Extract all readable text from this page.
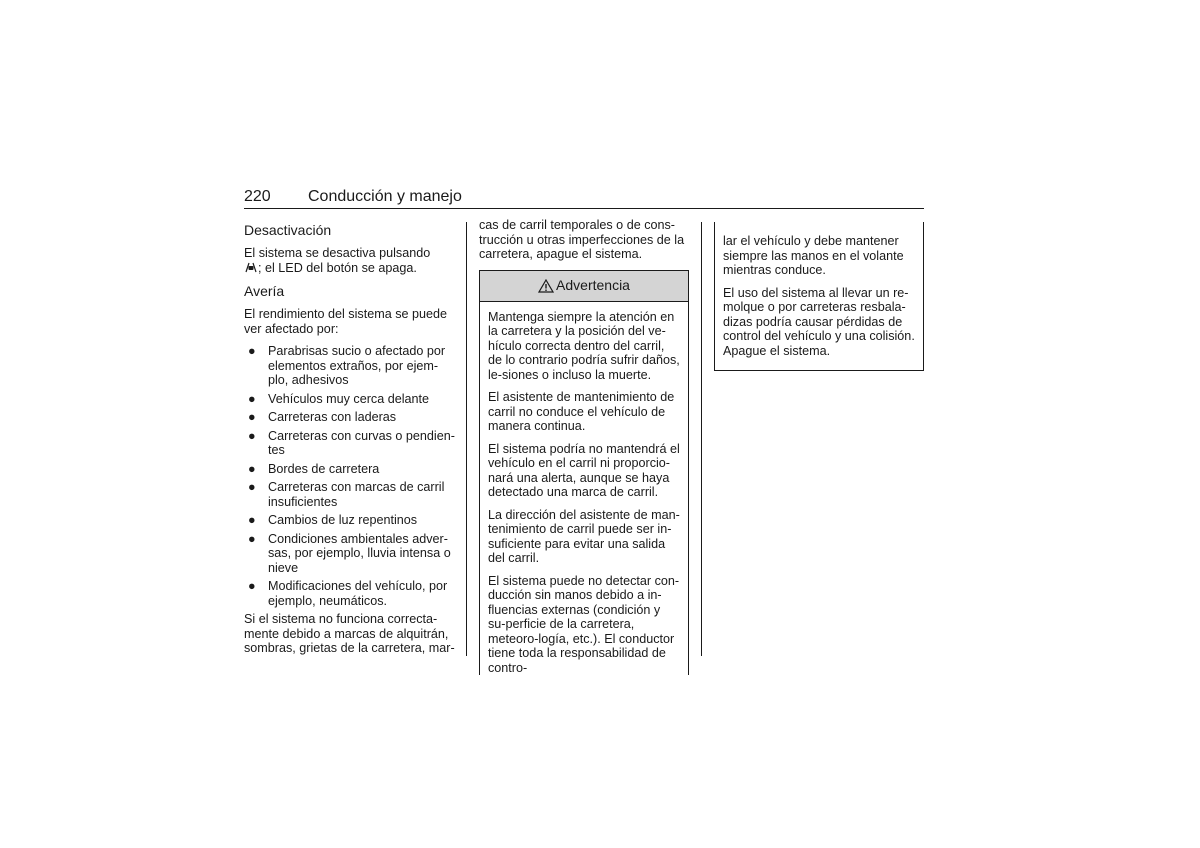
220 Conducción y manejo
Desactivación

El sistema se desactiva pulsando
; el LED del botón se apaga.

Avería

El rendimiento del sistema se puede ver afectado por:

● Parabrisas sucio o afectado por elementos extraños, por ejem-plo, adhesivos
● Vehículos muy cerca delante
● Carreteras con laderas
● Carreteras con curvas o pendien-tes
● Bordes de carretera
● Carreteras con marcas de carril insuficientes
● Cambios de luz repentinos
● Condiciones ambientales adver-sas, por ejemplo, lluvia intensa o nieve
● Modificaciones del vehículo, por ejemplo, neumáticos.

Si el sistema no funciona correcta-mente debido a marcas de alquitrán, sombras, grietas de la carretera, mar-

cas de carril temporales o de cons-trucción u otras imperfecciones de la carretera, apague el sistema.

Advertencia

Mantenga siempre la atención en la carretera y la posición del ve-hículo correcta dentro del carril, de lo contrario podría sufrir daños, le-siones o incluso la muerte.

El asistente de mantenimiento de carril no conduce el vehículo de manera continua.

El sistema podría no mantendrá el vehículo en el carril ni proporcio-nará una alerta, aunque se haya detectado una marca de carril.

La dirección del asistente de man-tenimiento de carril puede ser in-suficiente para evitar una salida del carril.

El sistema puede no detectar con-ducción sin manos debido a in-fluencias externas (condición y su-perficie de la carretera, meteoro-logía, etc.). El conductor tiene toda la responsabilidad de contro-

lar el vehículo y debe mantener siempre las manos en el volante mientras conduce.

El uso del sistema al llevar un re-molque o por carreteras resbala-dizas podría causar pérdidas de control del vehículo y una colisión. Apague el sistema.
